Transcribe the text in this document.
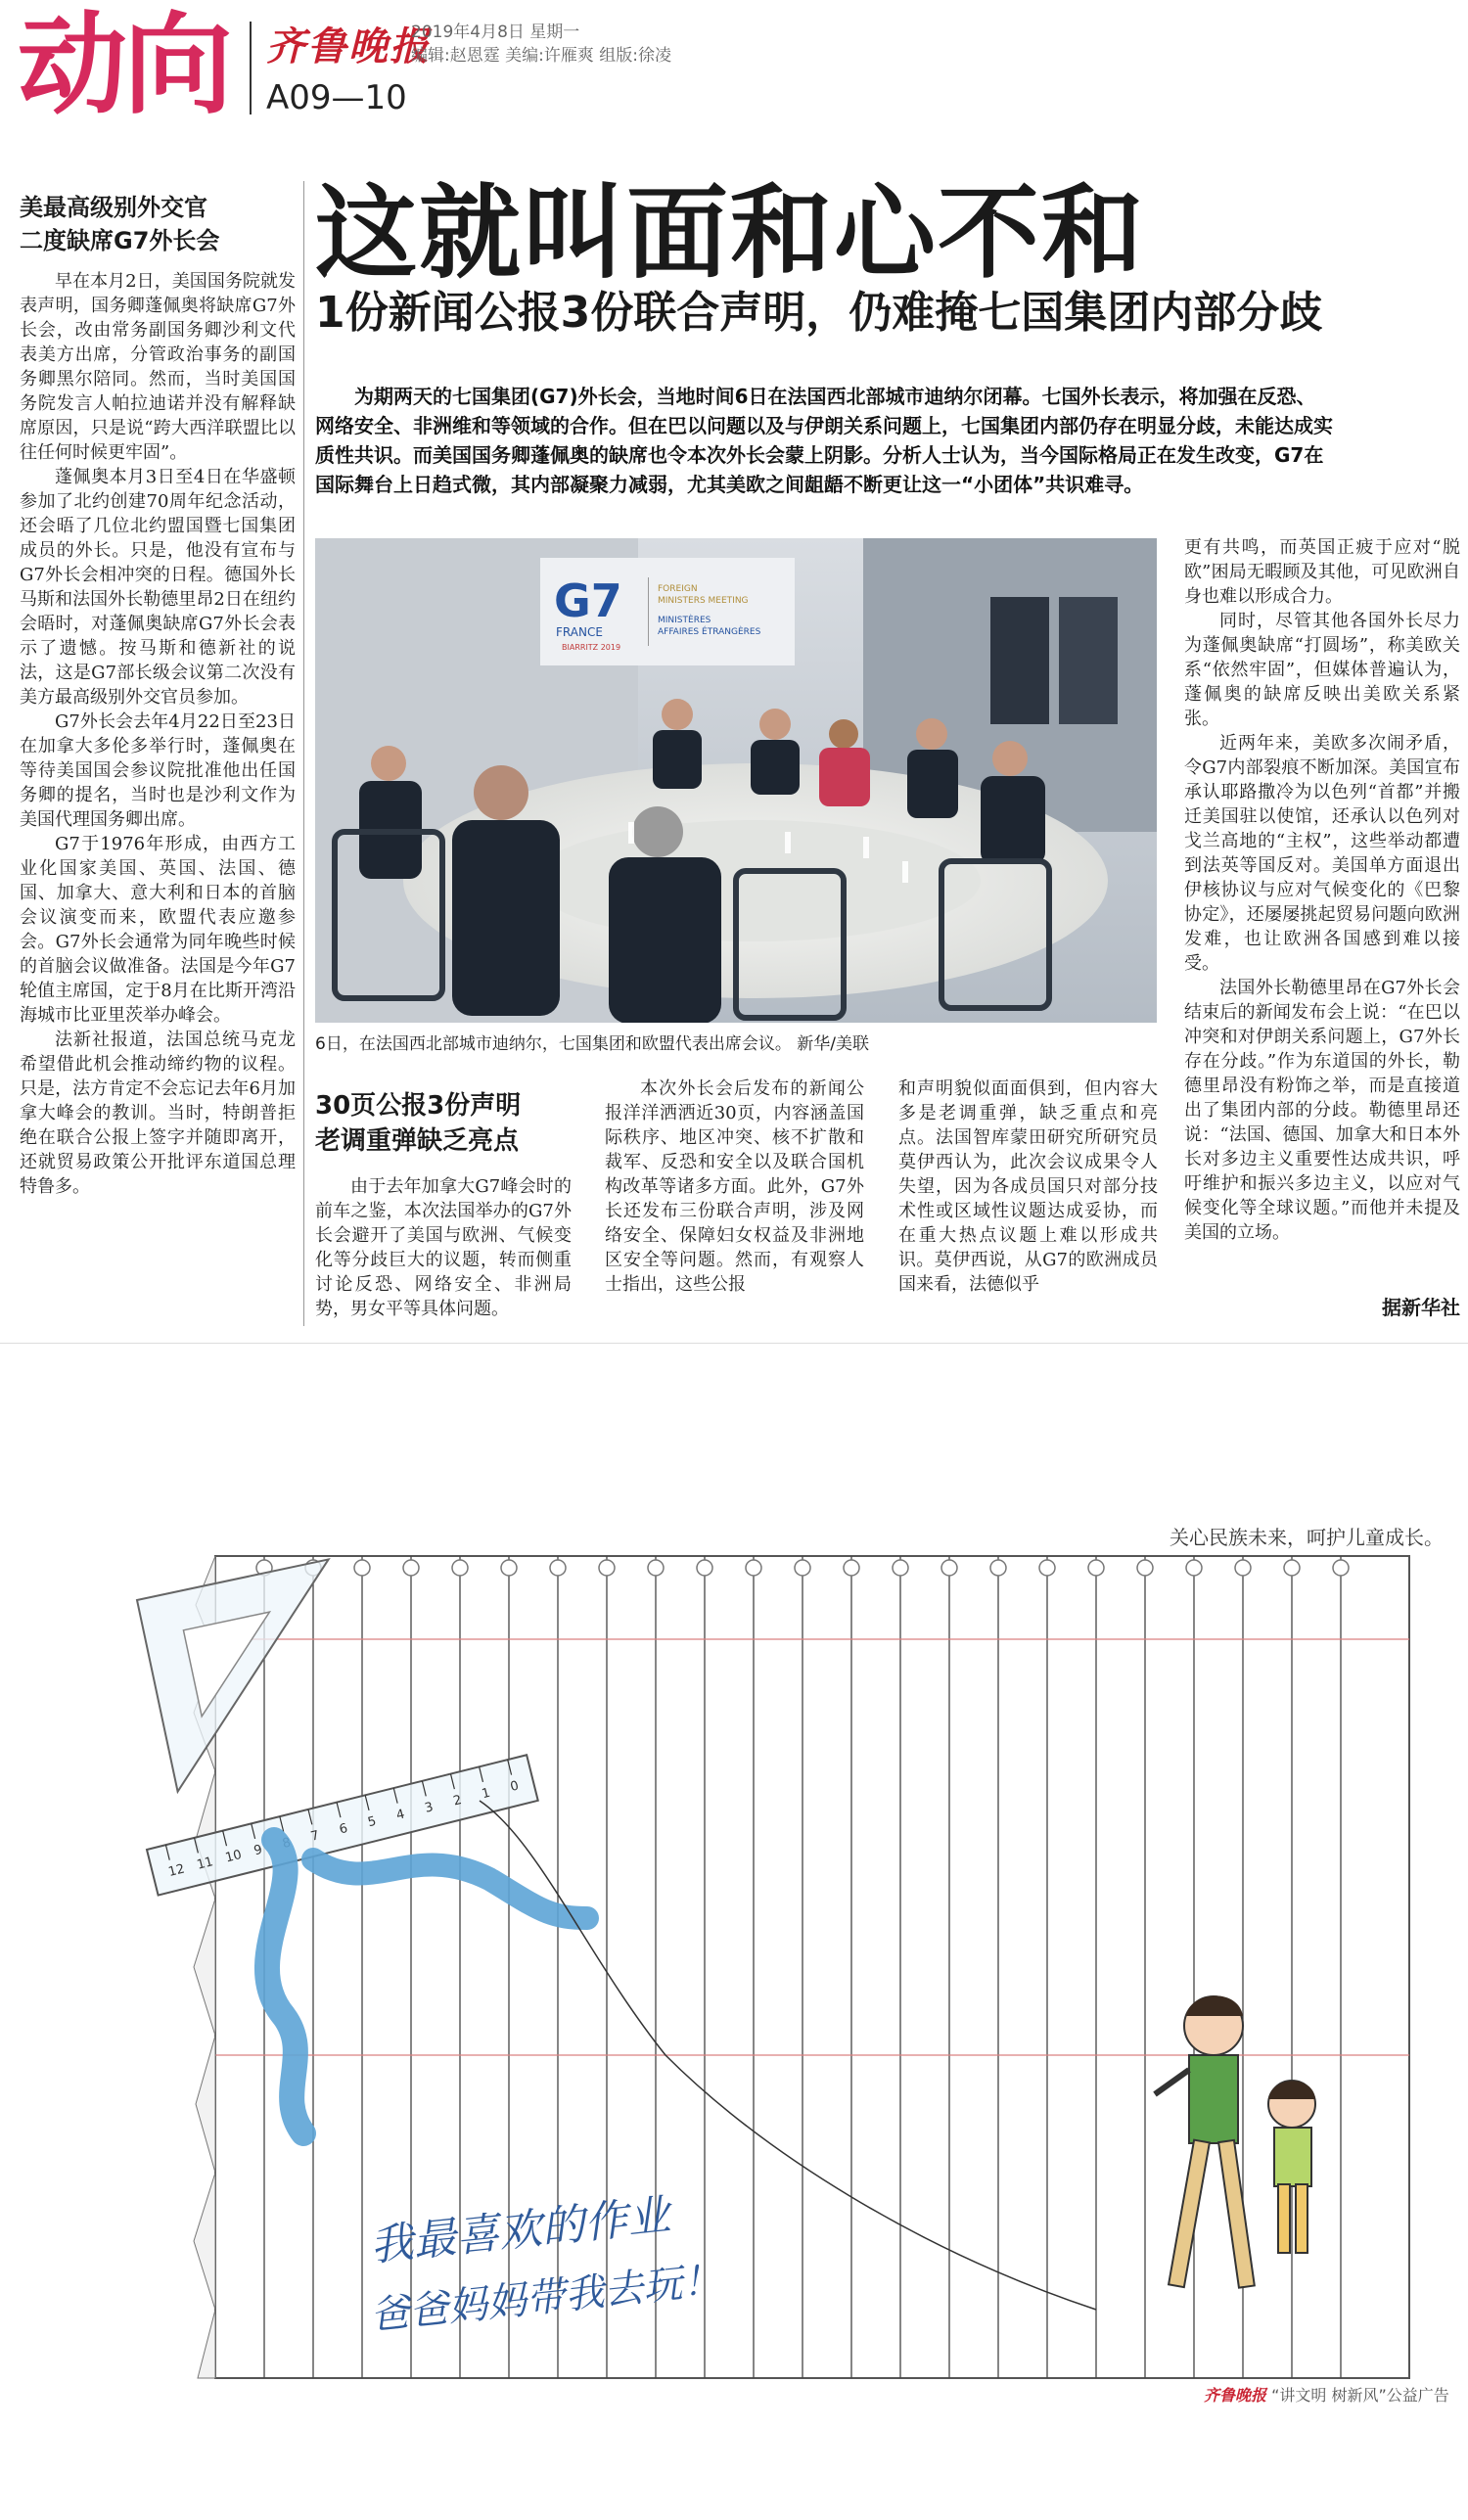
动向 齐鲁晚报
2019年4月8日 星期一
编辑:赵恩霆 美编:许雁爽 组版:徐凌
A09—10
美最高级别外交官
二度缺席G7外长会

早在本月2日，美国国务院就发表声明，国务卿蓬佩奥将缺席G7外长会，改由常务副国务卿沙利文代表美方出席，分管政治事务的副国务卿黑尔陪同。然而，当时美国国务院发言人帕拉迪诺并没有解释缺席原因，只是说“跨大西洋联盟比以往任何时候更牢固”。

蓬佩奥本月3日至4日在华盛顿参加了北约创建70周年纪念活动，还会晤了几位北约盟国暨七国集团成员的外长。只是，他没有宣布与G7外长会相冲突的日程。德国外长马斯和法国外长勒德里昂2日在纽约会晤时，对蓬佩奥缺席G7外长会表示了遗憾。按马斯和德新社的说法，这是G7部长级会议第二次没有美方最高级别外交官员参加。

G7外长会去年4月22日至23日在加拿大多伦多举行时，蓬佩奥在等待美国国会参议院批准他出任国务卿的提名，当时也是沙利文作为美国代理国务卿出席。

G7于1976年形成，由西方工业化国家美国、英国、法国、德国、加拿大、意大利和日本的首脑会议演变而来，欧盟代表应邀参会。G7外长会通常为同年晚些时候的首脑会议做准备。法国是今年G7轮值主席国，定于8月在比斯开湾沿海城市比亚里茨举办峰会。

法新社报道，法国总统马克龙希望借此机会推动缔约物的议程。只是，法方肯定不会忘记去年6月加拿大峰会的教训。当时，特朗普拒绝在联合公报上签字并随即离开，还就贸易政策公开批评东道国总理特鲁多。

这就叫面和心不和
1份新闻公报3份联合声明，仍难掩七国集团内部分歧

为期两天的七国集团(G7)外长会，当地时间6日在法国西北部城市迪纳尔闭幕。七国外长表示，将加强在反恐、网络安全、非洲维和等领域的合作。但在巴以问题以及与伊朗关系问题上，七国集团内部仍存在明显分歧，未能达成实质性共识。而美国国务卿蓬佩奥的缺席也令本次外长会蒙上阴影。分析人士认为，当今国际格局正在发生改变，G7在国际舞台上日趋式微，其内部凝聚力减弱，尤其美欧之间龃龉不断更让这一“小团体”共识难寻。

G7
FRANCE
BIARRITZ 2019
FOREIGN
MINISTERS MEETING
MINISTÈRES
AFFAIRES ÉTRANGÈRES
6日，在法国西北部城市迪纳尔，七国集团和欧盟代表出席会议。 新华/美联

更有共鸣，而英国正疲于应对“脱欧”困局无暇顾及其他，可见欧洲自身也难以形成合力。

同时，尽管其他各国外长尽力为蓬佩奥缺席“打圆场”，称美欧关系“依然牢固”，但媒体普遍认为，蓬佩奥的缺席反映出美欧关系紧张。

近两年来，美欧多次闹矛盾，令G7内部裂痕不断加深。美国宣布承认耶路撒冷为以色列“首都”并搬迁美国驻以使馆，还承认以色列对戈兰高地的“主权”，这些举动都遭到法英等国反对。美国单方面退出伊核协议与应对气候变化的《巴黎协定》，还屡屡挑起贸易问题向欧洲发难，也让欧洲各国感到难以接受。

法国外长勒德里昂在G7外长会结束后的新闻发布会上说：“在巴以冲突和对伊朗关系问题上，G7外长存在分歧。”作为东道国的外长，勒德里昂没有粉饰之举，而是直接道出了集团内部的分歧。勒德里昂还说：“法国、德国、加拿大和日本外长对多边主义重要性达成共识，呼吁维护和振兴多边主义，以应对气候变化等全球议题。”而他并未提及美国的立场。

据新华社
30页公报3份声明
老调重弹缺乏亮点

由于去年加拿大G7峰会时的前车之鉴，本次法国举办的G7外长会避开了美国与欧洲、气候变化等分歧巨大的议题，转而侧重讨论反恐、网络安全、非洲局势，男女平等具体问题。

本次外长会后发布的新闻公报洋洋洒洒近30页，内容涵盖国际秩序、地区冲突、核不扩散和裁军、反恐和安全以及联合国机构改革等诸多方面。此外，G7外长还发布三份联合声明，涉及网络安全、保障妇女权益及非洲地区安全等问题。然而，有观察人士指出，这些公报

和声明貌似面面俱到，但内容大多是老调重弹，缺乏重点和亮点。法国智库蒙田研究所研究员莫伊西认为，此次会议成果令人失望，因为各成员国只对部分技术性或区域性议题达成妥协，而在重大热点议题上难以形成共识。莫伊西说，从G7的欧洲成员国来看，法德似乎

关心民族未来，呵护儿童成长。
12 11 10 9 8 7 6 5 4 3 2 1 0
我最喜欢的作业
爸爸妈妈带我去玩！
齐鲁晚报 “讲文明 树新风”公益广告
